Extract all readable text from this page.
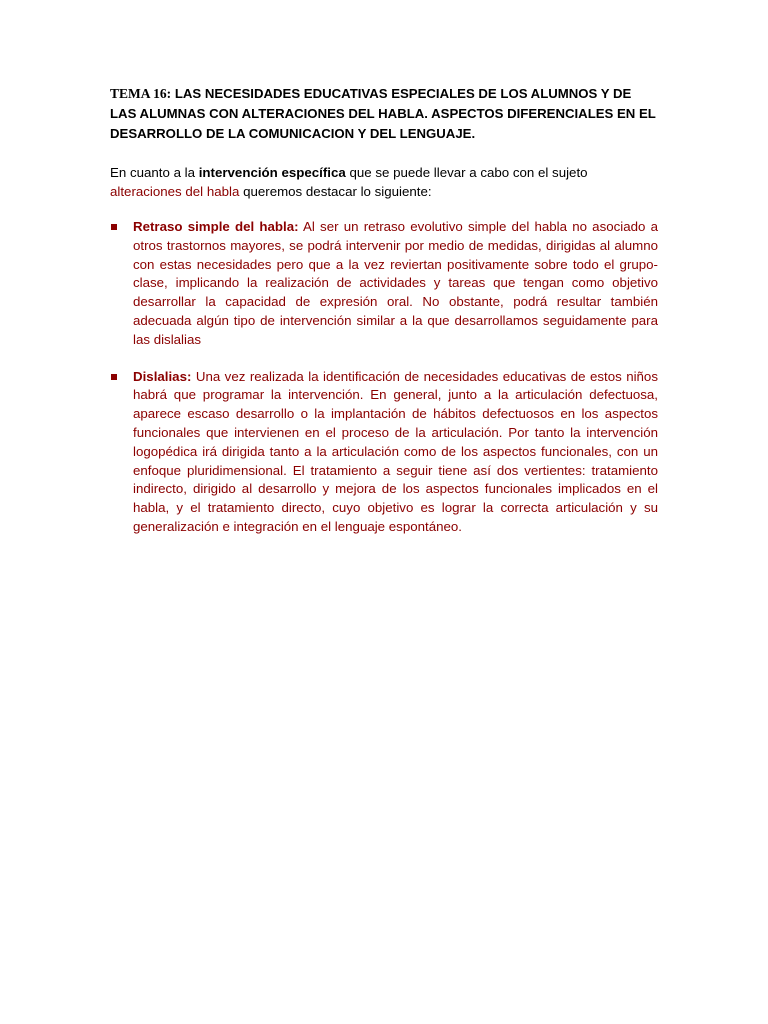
TEMA 16: LAS NECESIDADES EDUCATIVAS ESPECIALES DE LOS ALUMNOS Y DE LAS ALUMNAS CON ALTERACIONES DEL HABLA. ASPECTOS DIFERENCIALES EN EL DESARROLLO DE LA COMUNICACION Y DEL LENGUAJE.

En cuanto a la intervención específica que se puede llevar a cabo con el sujeto alteraciones del habla queremos destacar lo siguiente:

Retraso simple del habla: Al ser un retraso evolutivo simple del habla no asociado a otros trastornos mayores, se podrá intervenir por medio de medidas, dirigidas al alumno con estas necesidades pero que a la vez reviertan positivamente sobre todo el grupo-clase, implicando la realización de actividades y tareas que tengan como objetivo desarrollar la capacidad de expresión oral. No obstante, podrá resultar también adecuada algún tipo de intervención similar a la que desarrollamos seguidamente para las dislalias
Dislalias: Una vez realizada la identificación de necesidades educativas de estos niños habrá que programar la intervención. En general, junto a la articulación defectuosa, aparece escaso desarrollo o la implantación de hábitos defectuosos en los aspectos funcionales que intervienen en el proceso de la articulación. Por tanto la intervención logopédica irá dirigida tanto a la articulación como de los aspectos funcionales, con un enfoque pluridimensional. El tratamiento a seguir tiene así dos vertientes: tratamiento indirecto, dirigido al desarrollo y mejora de los aspectos funcionales implicados en el habla, y el tratamiento directo, cuyo objetivo es lograr la correcta articulación y su generalización e integración en el lenguaje espontáneo.
